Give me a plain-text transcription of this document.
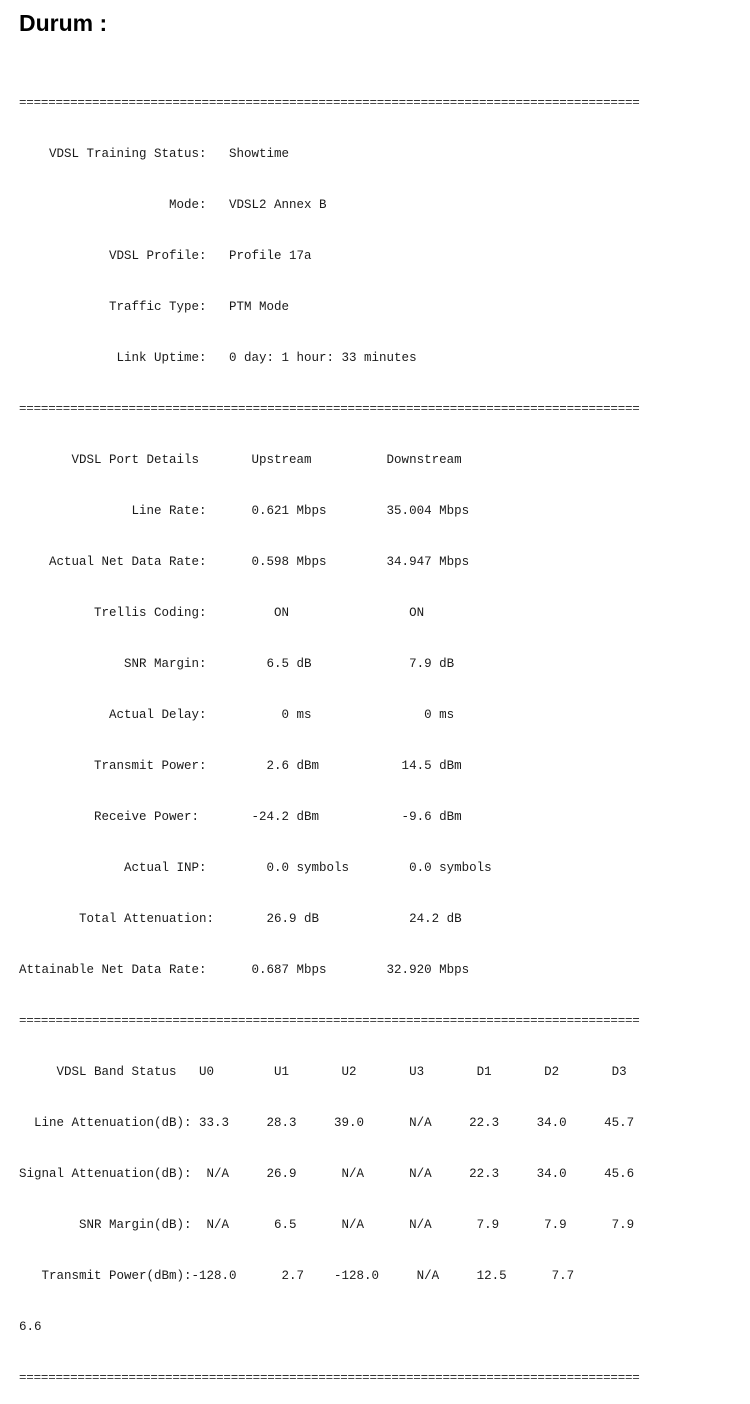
Durum :

=====================================================================================

VDSL Training Status:   Showtime

Mode:   VDSL2 Annex B

VDSL Profile:   Profile 17a

Traffic Type:   PTM Mode

Link Uptime:   0 day: 1 hour: 33 minutes

=====================================================================================

VDSL Port Details       Upstream          Downstream

Line Rate:      0.621 Mbps        35.004 Mbps

Actual Net Data Rate:      0.598 Mbps        34.947 Mbps

Trellis Coding:         ON                ON

SNR Margin:        6.5 dB             7.9 dB

Actual Delay:          0 ms               0 ms

Transmit Power:        2.6 dBm           14.5 dBm

Receive Power:       -24.2 dBm           -9.6 dBm

Actual INP:        0.0 symbols        0.0 symbols

Total Attenuation:       26.9 dB            24.2 dB

Attainable Net Data Rate:      0.687 Mbps        32.920 Mbps

=====================================================================================

VDSL Band Status   U0        U1       U2       U3       D1       D2       D3

Line Attenuation(dB): 33.3     28.3     39.0      N/A     22.3     34.0     45.7

Signal Attenuation(dB):  N/A     26.9      N/A      N/A     22.3     34.0     45.6

SNR Margin(dB):  N/A      6.5      N/A      N/A      7.9      7.9      7.9

Transmit Power(dBm):-128.0      2.7    -128.0     N/A     12.5      7.7

6.6

=====================================================================================
